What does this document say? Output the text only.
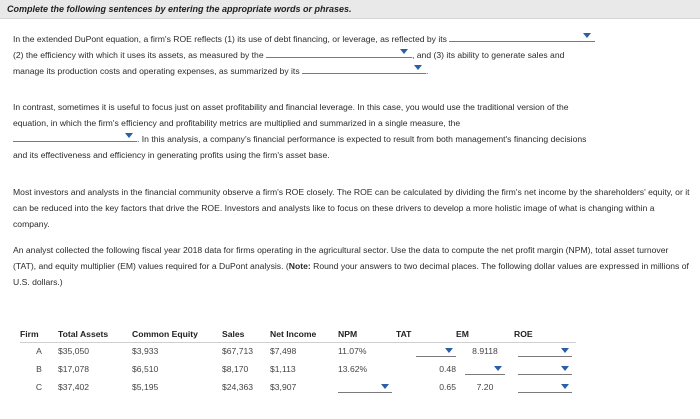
Complete the following sentences by entering the appropriate words or phrases.

In the extended DuPont equation, a firm's ROE reflects (1) its use of debt financing, or leverage, as reflected by its

(2) the efficiency with which it uses its assets, as measured by the	, and (3) its ability to generate sales and
manage its production costs and operating expenses, as summarized by its	.

In contrast, sometimes it is useful to focus just on asset profitability and financial leverage. In this case, you would use the traditional version of the
equation, in which the firm's efficiency and profitability metrics are multiplied and summarized in a single measure, the

. In this analysis, a company's financial performance is expected to result from both management's financing decisions
and its effectiveness and efficiency in generating profits using the firm's asset base.

Most investors and analysts in the financial community observe a firm's ROE closely. The ROE can be calculated by dividing the firm's net income by the shareholders' equity, or it can be reduced into the key factors that drive the ROE. Investors and analysts like to focus on these drivers to develop a more holistic image of what is changing within a company.

An analyst collected the following fiscal year 2018 data for firms operating in the agricultural sector. Use the data to compute the net profit margin (NPM), total asset turnover (TAT), and equity multiplier (EM) values required for a DuPont analysis. (Note: Round your answers to two decimal places. The following dollar values are expressed in millions of U.S. dollars.)

Firm	Total Assets	Common Equity	Sales	Net Income	NPM	TAT	EM	ROE
A	$35,050	$3,933	$67,713	$7,498	11.07%		8.9118	

B	$17,078	$6,510	$8,170	$1,113	13.62%	0.48	

C	$37,402	$5,195	$24,363	$3,907		0.65	7.20	
